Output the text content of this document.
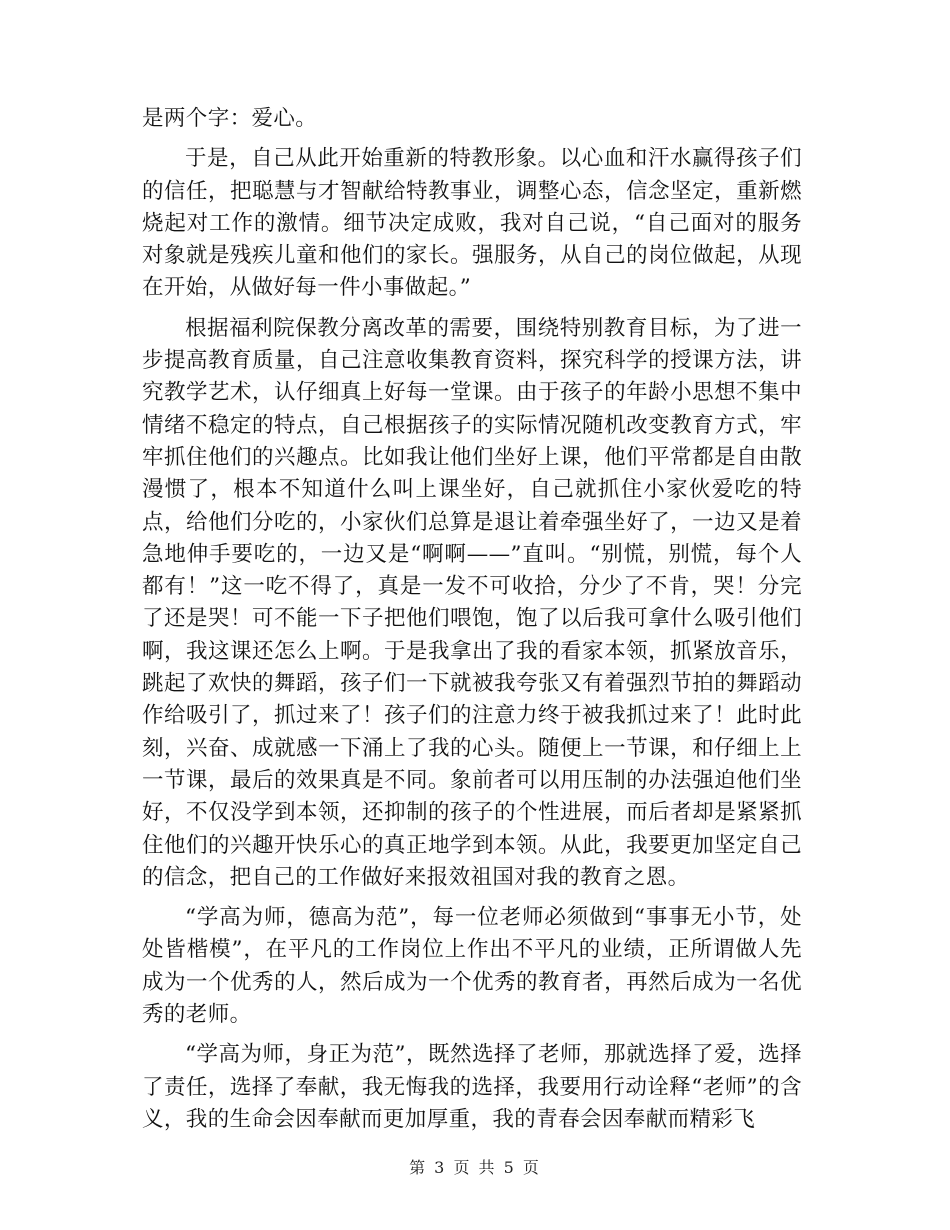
是两个字：爱心。

于是，自己从此开始重新的特教形象。以心血和汗水赢得孩子们的信任，把聪慧与才智献给特教事业，调整心态，信念坚定，重新燃烧起对工作的激情。细节决定成败，我对自己说，“自己面对的服务对象就是残疾儿童和他们的家长。强服务，从自己的岗位做起，从现在开始，从做好每一件小事做起。”

根据福利院保教分离改革的需要，围绕特别教育目标，为了进一步提高教育质量，自己注意收集教育资料，探究科学的授课方法，讲究教学艺术，认仔细真上好每一堂课。由于孩子的年龄小思想不集中情绪不稳定的特点，自己根据孩子的实际情况随机改变教育方式，牢牢抓住他们的兴趣点。比如我让他们坐好上课，他们平常都是自由散漫惯了，根本不知道什么叫上课坐好，自己就抓住小家伙爱吃的特点，给他们分吃的，小家伙们总算是退让着牵强坐好了，一边又是着急地伸手要吃的，一边又是“啊啊——”直叫。“别慌，别慌，每个人都有！”这一吃不得了，真是一发不可收拾，分少了不肯，哭！分完了还是哭！可不能一下子把他们喂饱，饱了以后我可拿什么吸引他们啊，我这课还怎么上啊。于是我拿出了我的看家本领，抓紧放音乐，跳起了欢快的舞蹈，孩子们一下就被我夸张又有着强烈节拍的舞蹈动作给吸引了，抓过来了！孩子们的注意力终于被我抓过来了！此时此刻，兴奋、成就感一下涌上了我的心头。随便上一节课，和仔细上上一节课，最后的效果真是不同。象前者可以用压制的办法强迫他们坐好，不仅没学到本领，还抑制的孩子的个性进展，而后者却是紧紧抓住他们的兴趣开快乐心的真正地学到本领。从此，我要更加坚定自己的信念，把自己的工作做好来报效祖国对我的教育之恩。

“学高为师，德高为范”，每一位老师必须做到“事事无小节，处处皆楷模”，在平凡的工作岗位上作出不平凡的业绩，正所谓做人先成为一个优秀的人，然后成为一个优秀的教育者，再然后成为一名优秀的老师。

“学高为师，身正为范”，既然选择了老师，那就选择了爱，选择了责任，选择了奉献，我无悔我的选择，我要用行动诠释“老师”的含义，我的生命会因奉献而更加厚重，我的青春会因奉献而精彩飞

第 3 页 共 5 页
